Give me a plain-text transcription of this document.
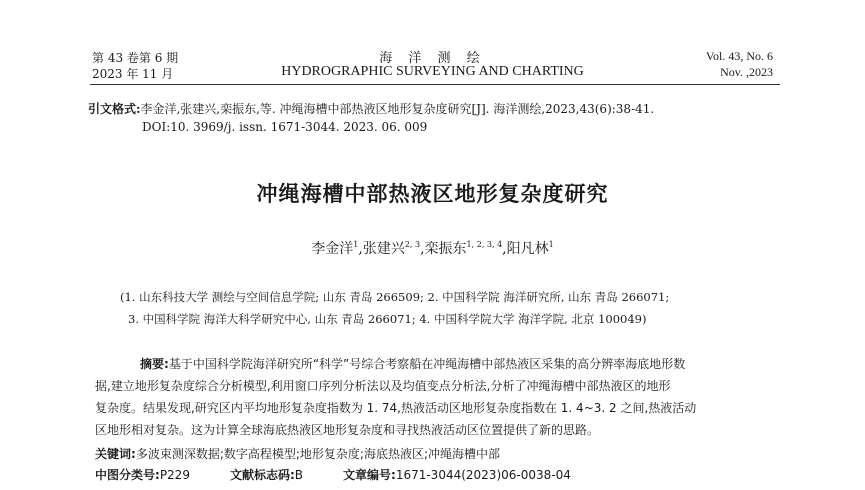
第 43 卷第 6 期
2023 年 11 月
海 洋 测 绘
HYDROGRAPHIC SURVEYING AND CHARTING
Vol. 43, No. 6
Nov. ,2023
引文格式:李金洋,张建兴,栾振东,等. 冲绳海槽中部热液区地形复杂度研究[J]. 海洋测绘,2023,43(6):38-41.
DOI:10. 3969/j. issn. 1671-3044. 2023. 06. 009
冲绳海槽中部热液区地形复杂度研究
李金洋$^1$,张建兴$^{2, 3}$,栾振东$^{1, 2, 3, 4}$,阳凡林$^1$
(1. 山东科技大学 测绘与空间信息学院; 山东 青岛 266509; 2. 中国科学院 海洋研究所, 山东 青岛 266071;
3. 中国科学院 海洋大科学研究中心, 山东 青岛 266071; 4. 中国科学院大学 海洋学院, 北京 100049)
摘要:基于中国科学院海洋研究所“科学”号综合考察船在冲绳海槽中部热液区采集的高分辨率海底地形数
据,建立地形复杂度综合分析模型,利用窗口序列分析法以及均值变点分析法,分析了冲绳海槽中部热液区的地形
复杂度。结果发现,研究区内平均地形复杂度指数为 1. 74,热液活动区地形复杂度指数在 1. 4~3. 2 之间,热液活动
区地形相对复杂。这为计算全球海底热液区地形复杂度和寻找热液活动区位置提供了新的思路。
关键词:多波束测深数据;数字高程模型;地形复杂度;海底热液区;冲绳海槽中部
中图分类号:P229	文献标志码:B	文章编号:1671-3044(2023)06-0038-04
